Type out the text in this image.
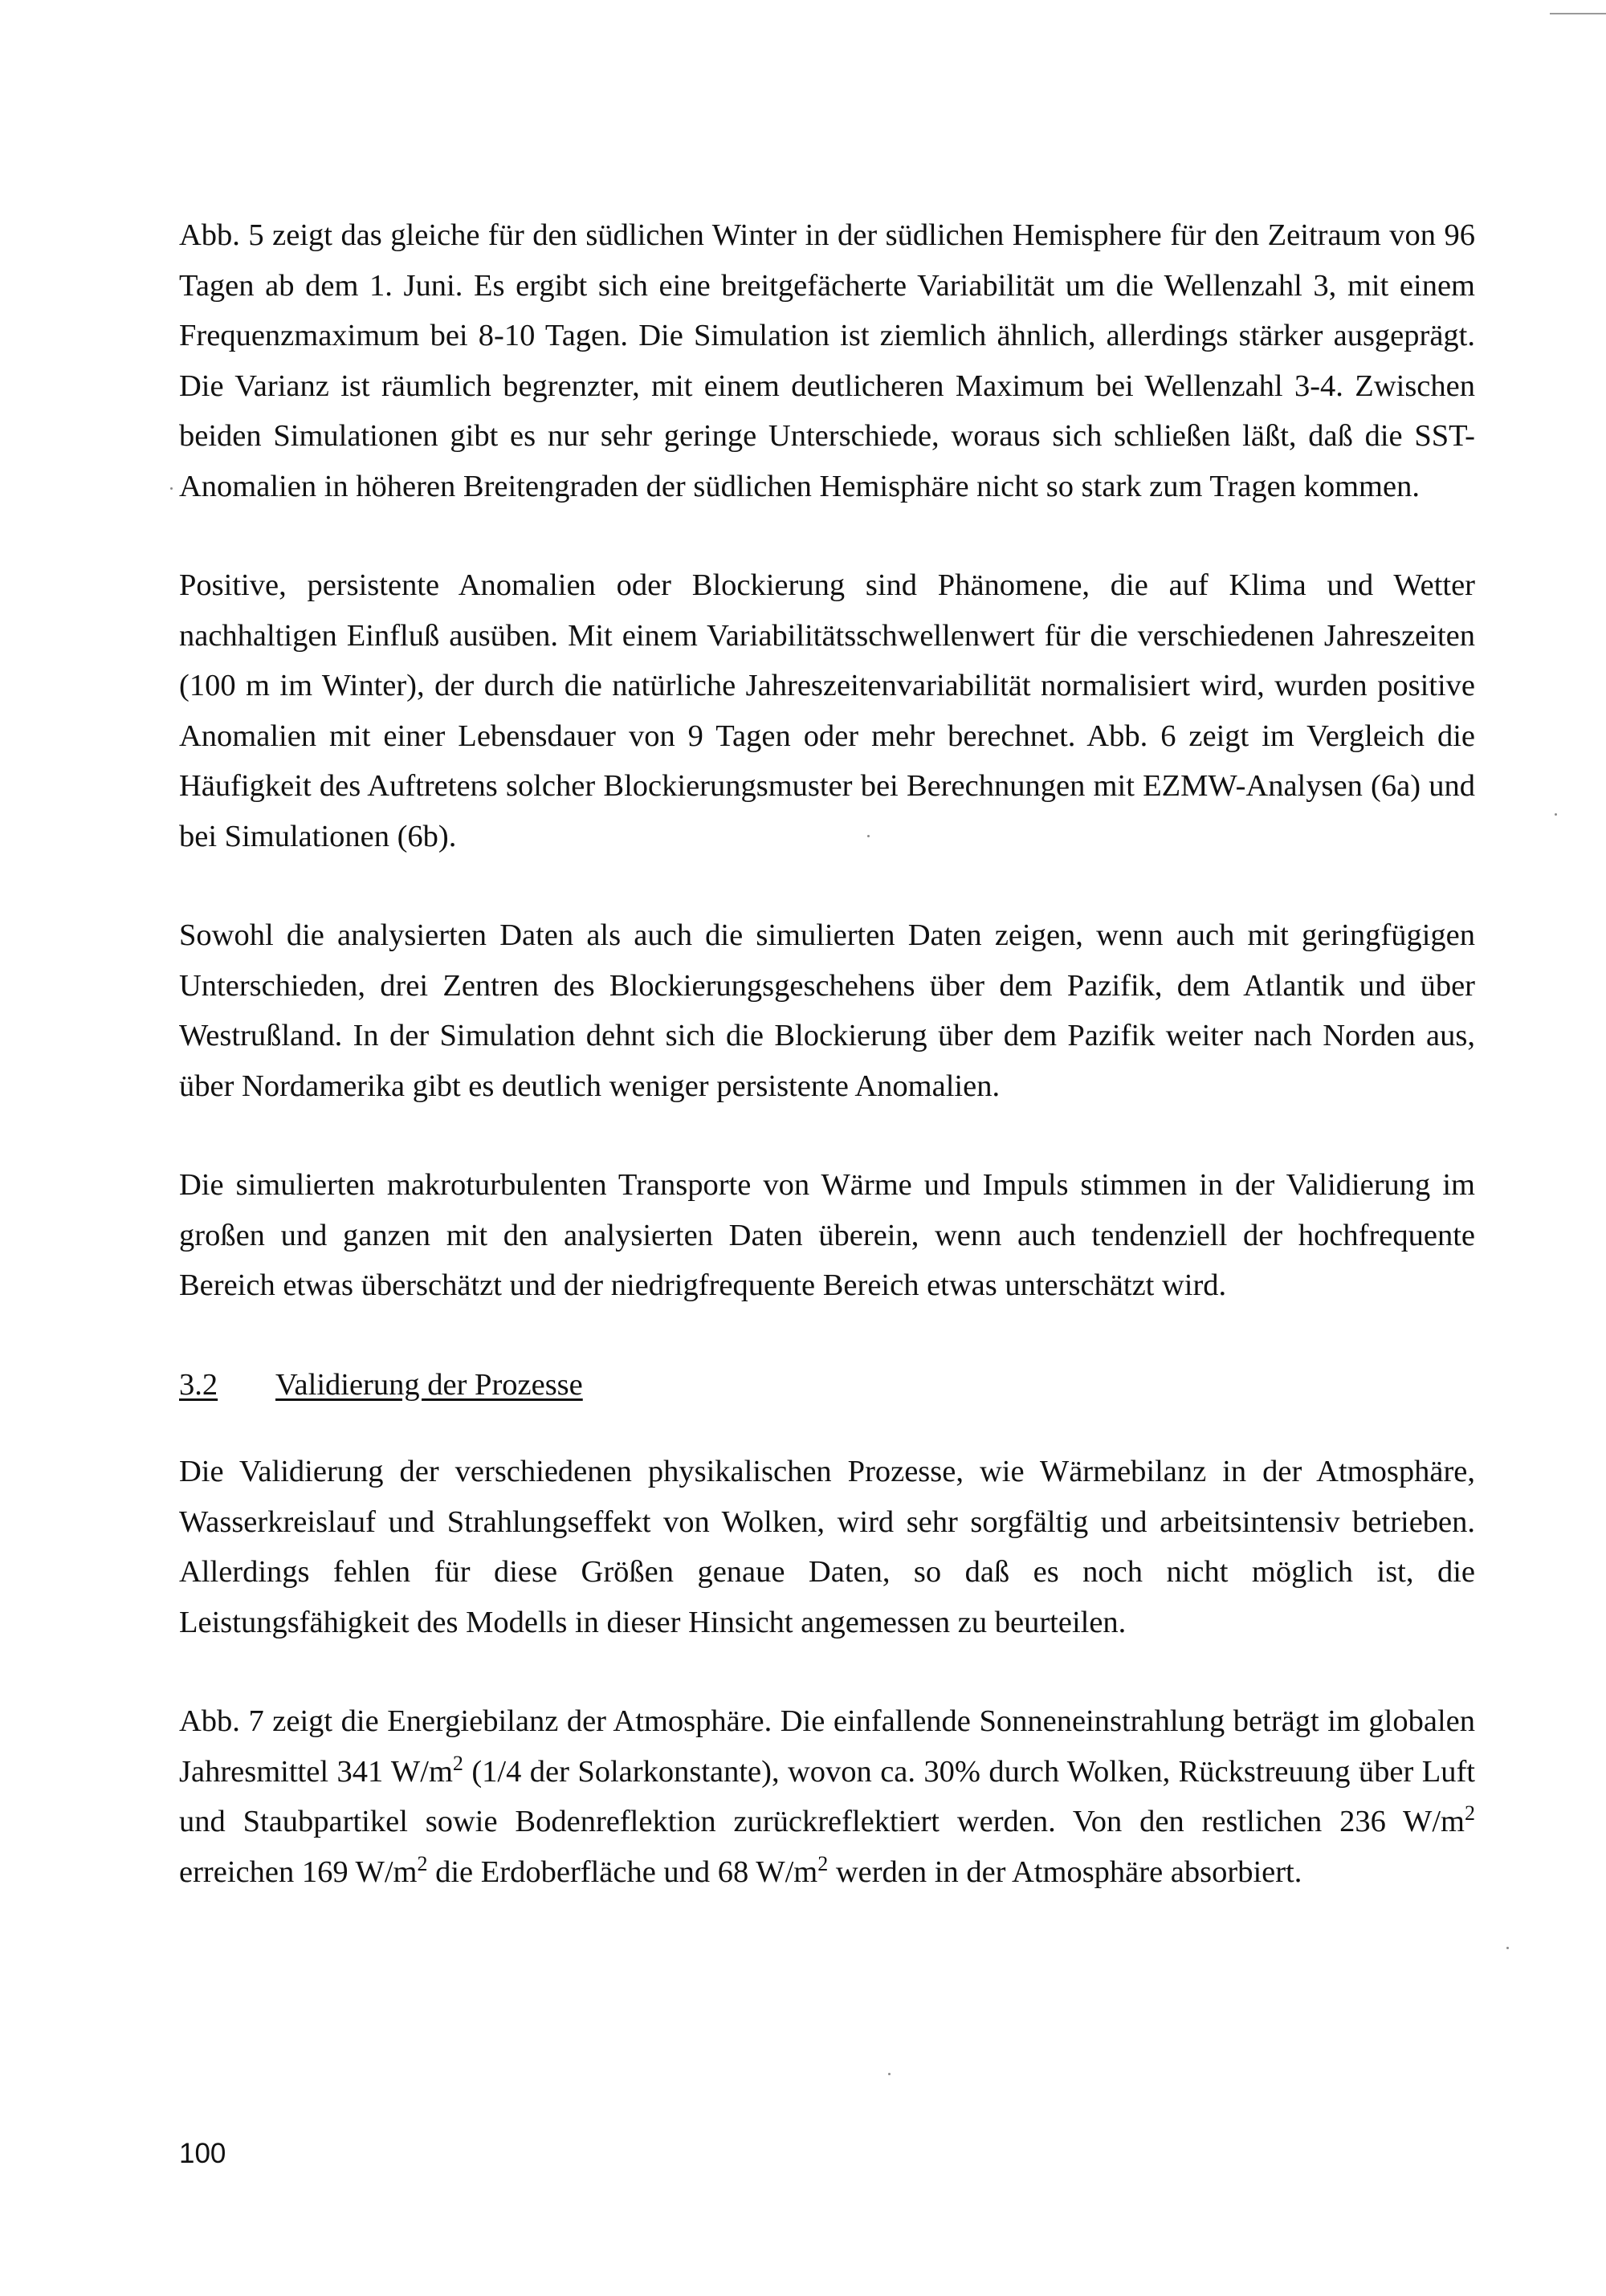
Abb. 5 zeigt das gleiche für den südlichen Winter in der südlichen Hemisphere für den Zeitraum von 96 Tagen ab dem 1. Juni. Es ergibt sich eine breitgefächerte Variabilität um die Wellenzahl 3, mit einem Frequenzmaximum bei 8-10 Tagen. Die Simulation ist ziemlich ähnlich, allerdings stärker ausgeprägt. Die Varianz ist räumlich begrenzter, mit einem deutlicheren Maximum bei Wellenzahl 3-4. Zwischen beiden Simulationen gibt es nur sehr geringe Unterschiede, woraus sich schließen läßt, daß die SST-Anomalien in höheren Breitengraden der südlichen Hemisphäre nicht so stark zum Tragen kommen.

Positive, persistente Anomalien oder Blockierung sind Phänomene, die auf Klima und Wetter nachhaltigen Einfluß ausüben. Mit einem Variabilitätsschwellenwert für die verschiedenen Jahreszeiten (100 m im Winter), der durch die natürliche Jahreszeitenvariabilität normalisiert wird, wurden positive Anomalien mit einer Lebensdauer von 9 Tagen oder mehr berechnet. Abb. 6 zeigt im Vergleich die Häufigkeit des Auftretens solcher Blockierungsmuster bei Berechnungen mit EZMW-Analysen (6a) und bei Simulationen (6b).

Sowohl die analysierten Daten als auch die simulierten Daten zeigen, wenn auch mit geringfügigen Unterschieden, drei Zentren des Blockierungsgeschehens über dem Pazifik, dem Atlantik und über Westrußland. In der Simulation dehnt sich die Blockierung über dem Pazifik weiter nach Norden aus, über Nordamerika gibt es deutlich weniger persistente Anomalien.

Die simulierten makroturbulenten Transporte von Wärme und Impuls stimmen in der Validierung im großen und ganzen mit den analysierten Daten überein, wenn auch tendenziell der hochfrequente Bereich etwas überschätzt und der niedrigfrequente Bereich etwas unterschätzt wird.

3.2 Validierung der Prozesse

Die Validierung der verschiedenen physikalischen Prozesse, wie Wärmebilanz in der Atmosphäre, Wasserkreislauf und Strahlungseffekt von Wolken, wird sehr sorgfältig und arbeitsintensiv betrieben. Allerdings fehlen für diese Größen genaue Daten, so daß es noch nicht möglich ist, die Leistungsfähigkeit des Modells in dieser Hinsicht angemessen zu beurteilen.

Abb. 7 zeigt die Energiebilanz der Atmosphäre. Die einfallende Sonneneinstrahlung beträgt im globalen Jahresmittel 341 $W/m^2$ (1/4 der Solarkonstante), wovon ca. 30% durch Wolken, Rückstreuung über Luft und Staubpartikel sowie Bodenreflektion zurückreflektiert werden. Von den restlichen 236 $W/m^2$ erreichen 169 $W/m^2$ die Erdoberfläche und 68 $W/m^2$ werden in der Atmosphäre absorbiert.

100
